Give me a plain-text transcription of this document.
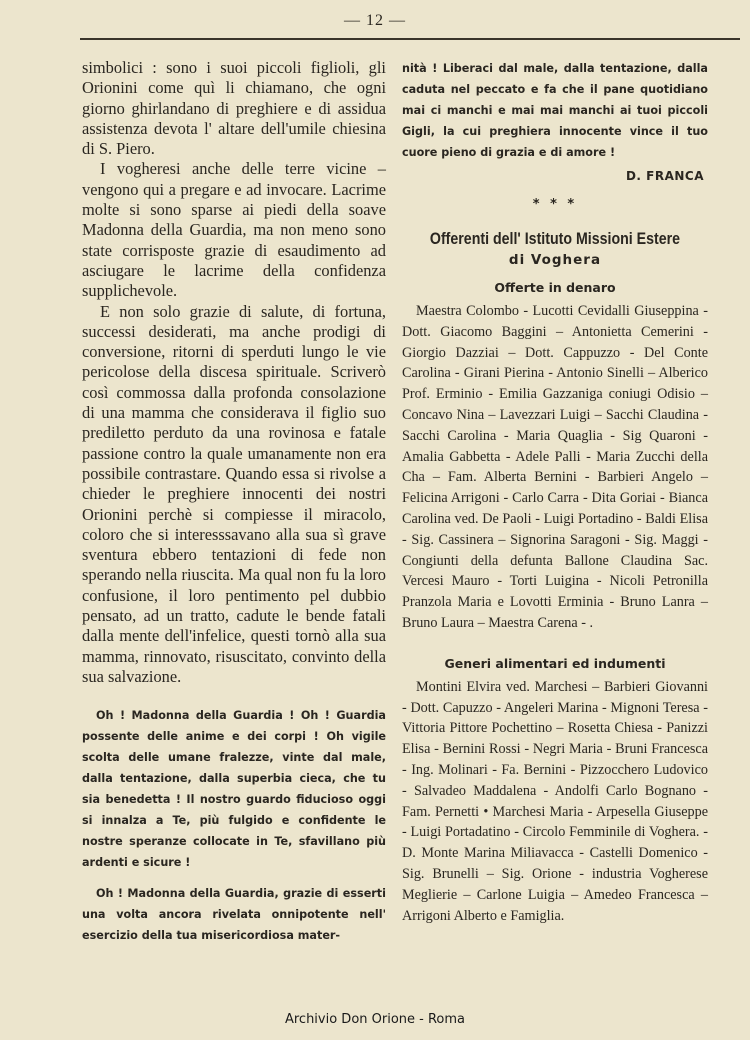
— 12 —

simbolici : sono i suoi piccoli figlioli, gli Orionini come quì li chiamano, che ogni giorno ghirlandano di preghiere e di assidua assistenza devota l' altare dell'umile chiesina di S. Piero.

I vogheresi anche delle terre vicine – vengono qui a pregare e ad invocare. Lacrime molte si sono sparse ai piedi della soave Madonna della Guardia, ma non meno sono state corrisposte grazie di esaudimento ad asciugare le lacrime della confidenza supplichevole.

E non solo grazie di salute, di fortuna, successi desiderati, ma anche prodigi di conversione, ritorni di sperduti lungo le vie pericolose della discesa spirituale. Scriverò così commossa dalla profonda consolazione di una mamma che considerava il figlio suo prediletto perduto da una rovinosa e fatale passione contro la quale umanamente non era possibile contrastare. Quando essa si rivolse a chieder le preghiere innocenti dei nostri Orionini perchè si compiesse il miracolo, coloro che si interesssavano alla sua sì grave sventura ebbero tentazioni di fede non sperando nella riuscita. Ma qual non fu la loro confusione, il loro pentimento pel dubbio pensato, ad un tratto, cadute le bende fatali dalla mente dell'infelice, questi tornò alla sua mamma, rinnovato, risuscitato, convinto della sua salvazione.

Oh ! Madonna della Guardia ! Oh ! Guardia possente delle anime e dei corpi ! Oh vigile scolta delle umane fralezze, vinte dal male, dalla tentazione, dalla superbia cieca, che tu sia benedetta ! Il nostro guardo fiducioso oggi si innalza a Te, più fulgido e confidente le nostre speranze collocate in Te, sfavillano più ardenti e sicure !

Oh ! Madonna della Guardia, grazie di esserti una volta ancora rivelata onnipotente nell' esercizio della tua misericordiosa mater-

nità ! Liberaci dal male, dalla tentazione, dalla caduta nel peccato e fa che il pane quotidiano mai ci manchi e mai mai manchi ai tuoi piccoli Gigli, la cui preghiera innocente vince il tuo cuore pieno di grazia e di amore !

D. FRANCA
* * *
Offerenti dell' Istituto Missioni Estere
di Voghera
Offerte in denaro

Maestra Colombo - Lucotti Cevidalli Giuseppina - Dott. Giacomo Baggini – Antonietta Cemerini - Giorgio Dazziai – Dott. Cappuzzo - Del Conte Carolina - Girani Pierina - Antonio Sinelli – Alberico Prof. Erminio - Emilia Gazzaniga coniugi Odisio – Concavo Nina – Lavezzari Luigi – Sacchi Claudina - Sacchi Carolina - Maria Quaglia - Sig Quaroni - Amalia Gabbetta - Adele Palli - Maria Zucchi della Cha – Fam. Alberta Bernini - Barbieri Angelo – Felicina Arrigoni - Carlo Carra - Dita Goriai - Bianca Carolina ved. De Paoli - Luigi Portadino - Baldi Elisa - Sig. Cassinera – Signorina Saragoni - Sig. Maggi - Congiunti della defunta Ballone Claudina Sac. Vercesi Mauro - Torti Luigina - Nicoli Petronilla Pranzola Maria e Lovotti Erminia - Bruno Lanra – Bruno Laura – Maestra Carena - .

Generi alimentari ed indumenti

Montini Elvira ved. Marchesi – Barbieri Giovanni - Dott. Capuzzo - Angeleri Marina - Mignoni Teresa - Vittoria Pittore Pochettino – Rosetta Chiesa - Panizzi Elisa - Bernini Rossi - Negri Maria - Bruni Francesca - Ing. Molinari - Fa. Bernini - Pizzocchero Ludovico - Salvadeo Maddalena - Andolfi Carlo Bognano - Fam. Pernetti • Marchesi Maria - Arpesella Giuseppe - Luigi Portadatino - Circolo Femminile di Voghera. - D. Monte Marina Miliavacca - Castelli Domenico - Sig. Brunelli – Sig. Orione - industria Vogherese Meglierie – Carlone Luigia – Amedeo Francesca – Arrigoni Alberto e Famiglia.

Archivio Don Orione - Roma
